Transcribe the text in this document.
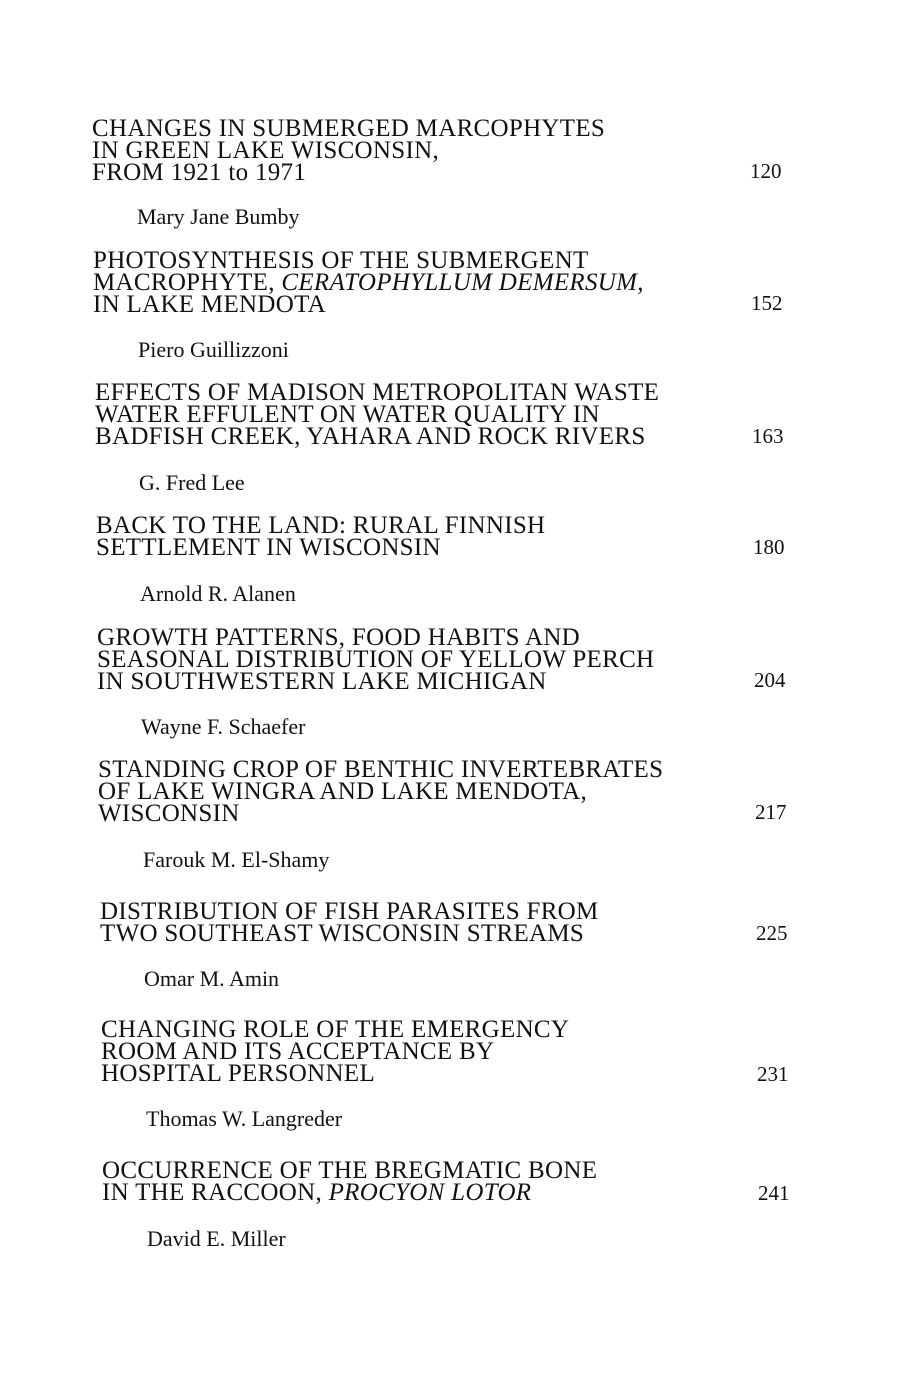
CHANGES IN SUBMERGED MARCOPHYTES
IN GREEN LAKE WISCONSIN,
FROM 1921 to 1971	120
Mary Jane Bumby
PHOTOSYNTHESIS OF THE SUBMERGENT
MACROPHYTE, CERATOPHYLLUM DEMERSUM,
IN LAKE MENDOTA	152
Piero Guillizzoni
EFFECTS OF MADISON METROPOLITAN WASTE
WATER EFFULENT ON WATER QUALITY IN
BADFISH CREEK, YAHARA AND ROCK RIVERS	163
G. Fred Lee
BACK TO THE LAND: RURAL FINNISH
SETTLEMENT IN WISCONSIN	180
Arnold R. Alanen
GROWTH PATTERNS, FOOD HABITS AND
SEASONAL DISTRIBUTION OF YELLOW PERCH
IN SOUTHWESTERN LAKE MICHIGAN	204
Wayne F. Schaefer
STANDING CROP OF BENTHIC INVERTEBRATES
OF LAKE WINGRA AND LAKE MENDOTA,
WISCONSIN	217
Farouk M. El-Shamy
DISTRIBUTION OF FISH PARASITES FROM
TWO SOUTHEAST WISCONSIN STREAMS	225
Omar M. Amin
CHANGING ROLE OF THE EMERGENCY
ROOM AND ITS ACCEPTANCE BY
HOSPITAL PERSONNEL	231
Thomas W. Langreder
OCCURRENCE OF THE BREGMATIC BONE
IN THE RACCOON, PROCYON LOTOR	241
David E. Miller
